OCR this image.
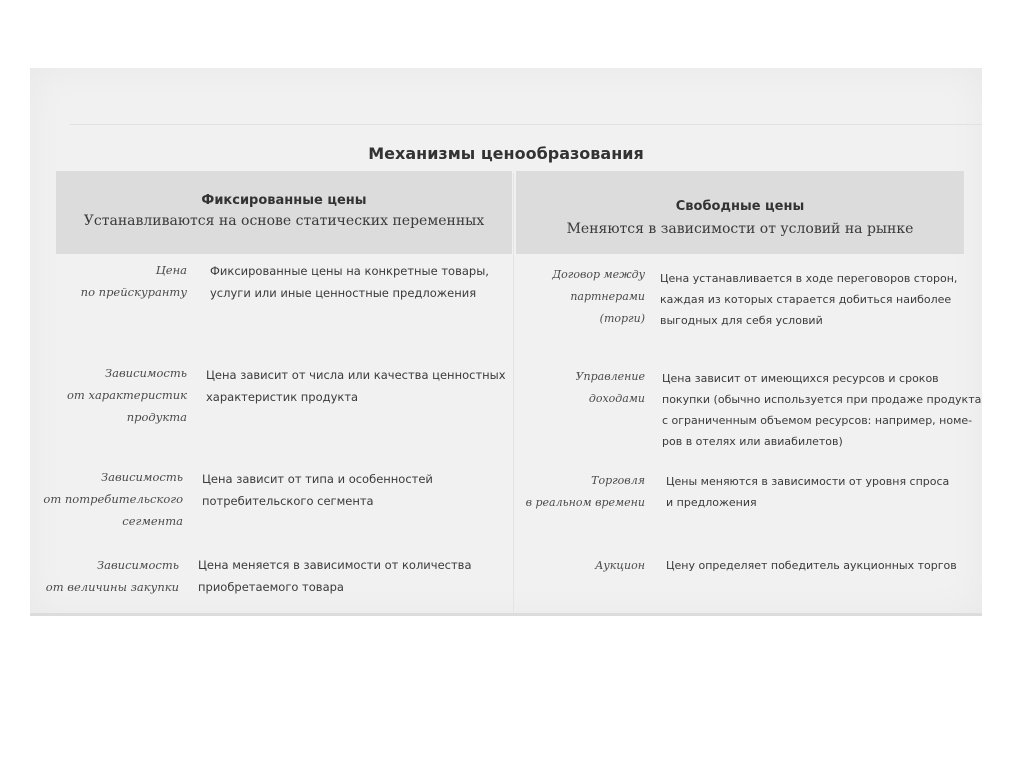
Механизмы ценообразования
Фиксированные цены
Устанавливаются на основе статических переменных
Свободные цены
Меняются в зависимости от условий на рынке
Цена
по прейскуранту
Фиксированные цены на конкретные товары,
услуги или иные ценностные предложения
Зависимость
от характеристик
продукта
Цена зависит от числа или качества ценностных
характеристик продукта
Зависимость
от потребительского
сегмента
Цена зависит от типа и особенностей
потребительского сегмента
Зависимость
от величины закупки
Цена меняется в зависимости от количества
приобретаемого товара
Договор между
партнерами
(торги)
Цена устанавливается в ходе переговоров сторон,
каждая из которых старается добиться наиболее
выгодных для себя условий
Управление
доходами
Цена зависит от имеющихся ресурсов и сроков
покупки (обычно используется при продаже продукта
с ограниченным объемом ресурсов: например, номе-
ров в отелях или авиабилетов)
Торговля
в реальном времени
Цены меняются в зависимости от уровня спроса
и предложения
Аукцион Цену определяет победитель аукционных торгов
